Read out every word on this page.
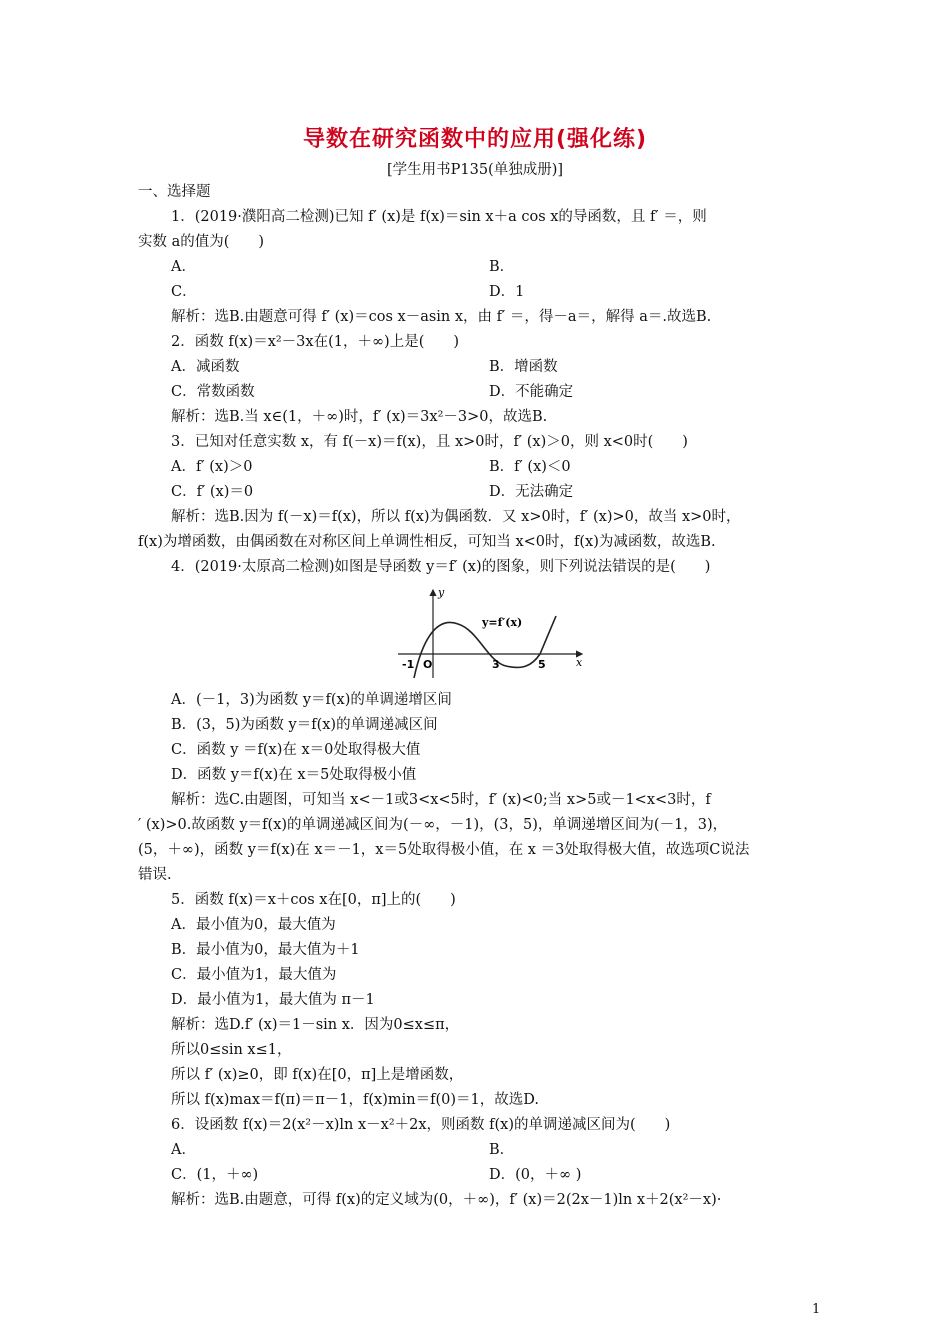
导数在研究函数中的应用(强化练)
[学生用书P135(单独成册)]
一、选择题
1．(2019·濮阳高二检测)已知 f′ (x)是 f(x)＝sin x＋a cos x的导函数，且 f′ ＝，则
实数 a的值为(　　)
A．	B．
C．	D．1
解析：选B.由题意可得 f′ (x)＝cos x－asin x，由 f′ ＝，得－a＝，解得 a＝.故选B.
2．函数 f(x)＝x²－3x在(1，＋∞)上是(　　)
A．减函数	B．增函数
C．常数函数	D．不能确定
解析：选B.当 x∈(1，＋∞)时，f′ (x)＝3x²－3>0，故选B.
3．已知对任意实数 x，有 f(－x)＝f(x)，且 x>0时，f′ (x)＞0，则 x<0时(　　)
A．f′ (x)＞0	B．f′ (x)＜0
C．f′ (x)＝0	D．无法确定
解析：选B.因为 f(－x)＝f(x)，所以 f(x)为偶函数．又 x>0时，f′ (x)>0，故当 x>0时，
f(x)为增函数，由偶函数在对称区间上单调性相反，可知当 x<0时，f(x)为减函数，故选B.
4．(2019·太原高二检测)如图是导函数 y＝f′ (x)的图象，则下列说法错误的是(　　)
y
x
y=f′(x)
-1 O	3	5
A．(－1，3)为函数 y＝f(x)的单调递增区间
B．(3，5)为函数 y＝f(x)的单调递减区间
C．函数 y ＝f(x)在 x＝0处取得极大值
D．函数 y＝f(x)在 x＝5处取得极小值
解析：选C.由题图，可知当 x<－1或3<x<5时，f′ (x)<0;当 x>5或－1<x<3时，f
′ (x)>0.故函数 y＝f(x)的单调递减区间为(－∞，－1)，(3，5)，单调递增区间为(－1，3)，
(5，＋∞)，函数 y＝f(x)在 x＝－1，x＝5处取得极小值，在 x ＝3处取得极大值，故选项C说法
错误.
5．函数 f(x)＝x＋cos x在[0，π]上的(　　)
A．最小值为0，最大值为
B．最小值为0，最大值为＋1
C．最小值为1，最大值为
D．最小值为1，最大值为 π－1
解析：选D.f′ (x)＝1－sin x．因为0≤x≤π，
所以0≤sin x≤1，
所以 f′ (x)≥0，即 f(x)在[0，π]上是增函数，
所以 f(x)max＝f(π)＝π－1，f(x)min＝f(0)＝1，故选D.
6．设函数 f(x)＝2(x²－x)ln x－x²＋2x，则函数 f(x)的单调递减区间为(　　)
A．	B．
C．(1，＋∞)	D．(0，＋∞ )
解析：选B.由题意，可得 f(x)的定义域为(0，＋∞)，f′ (x)＝2(2x－1)ln x＋2(x²－x)·
1
